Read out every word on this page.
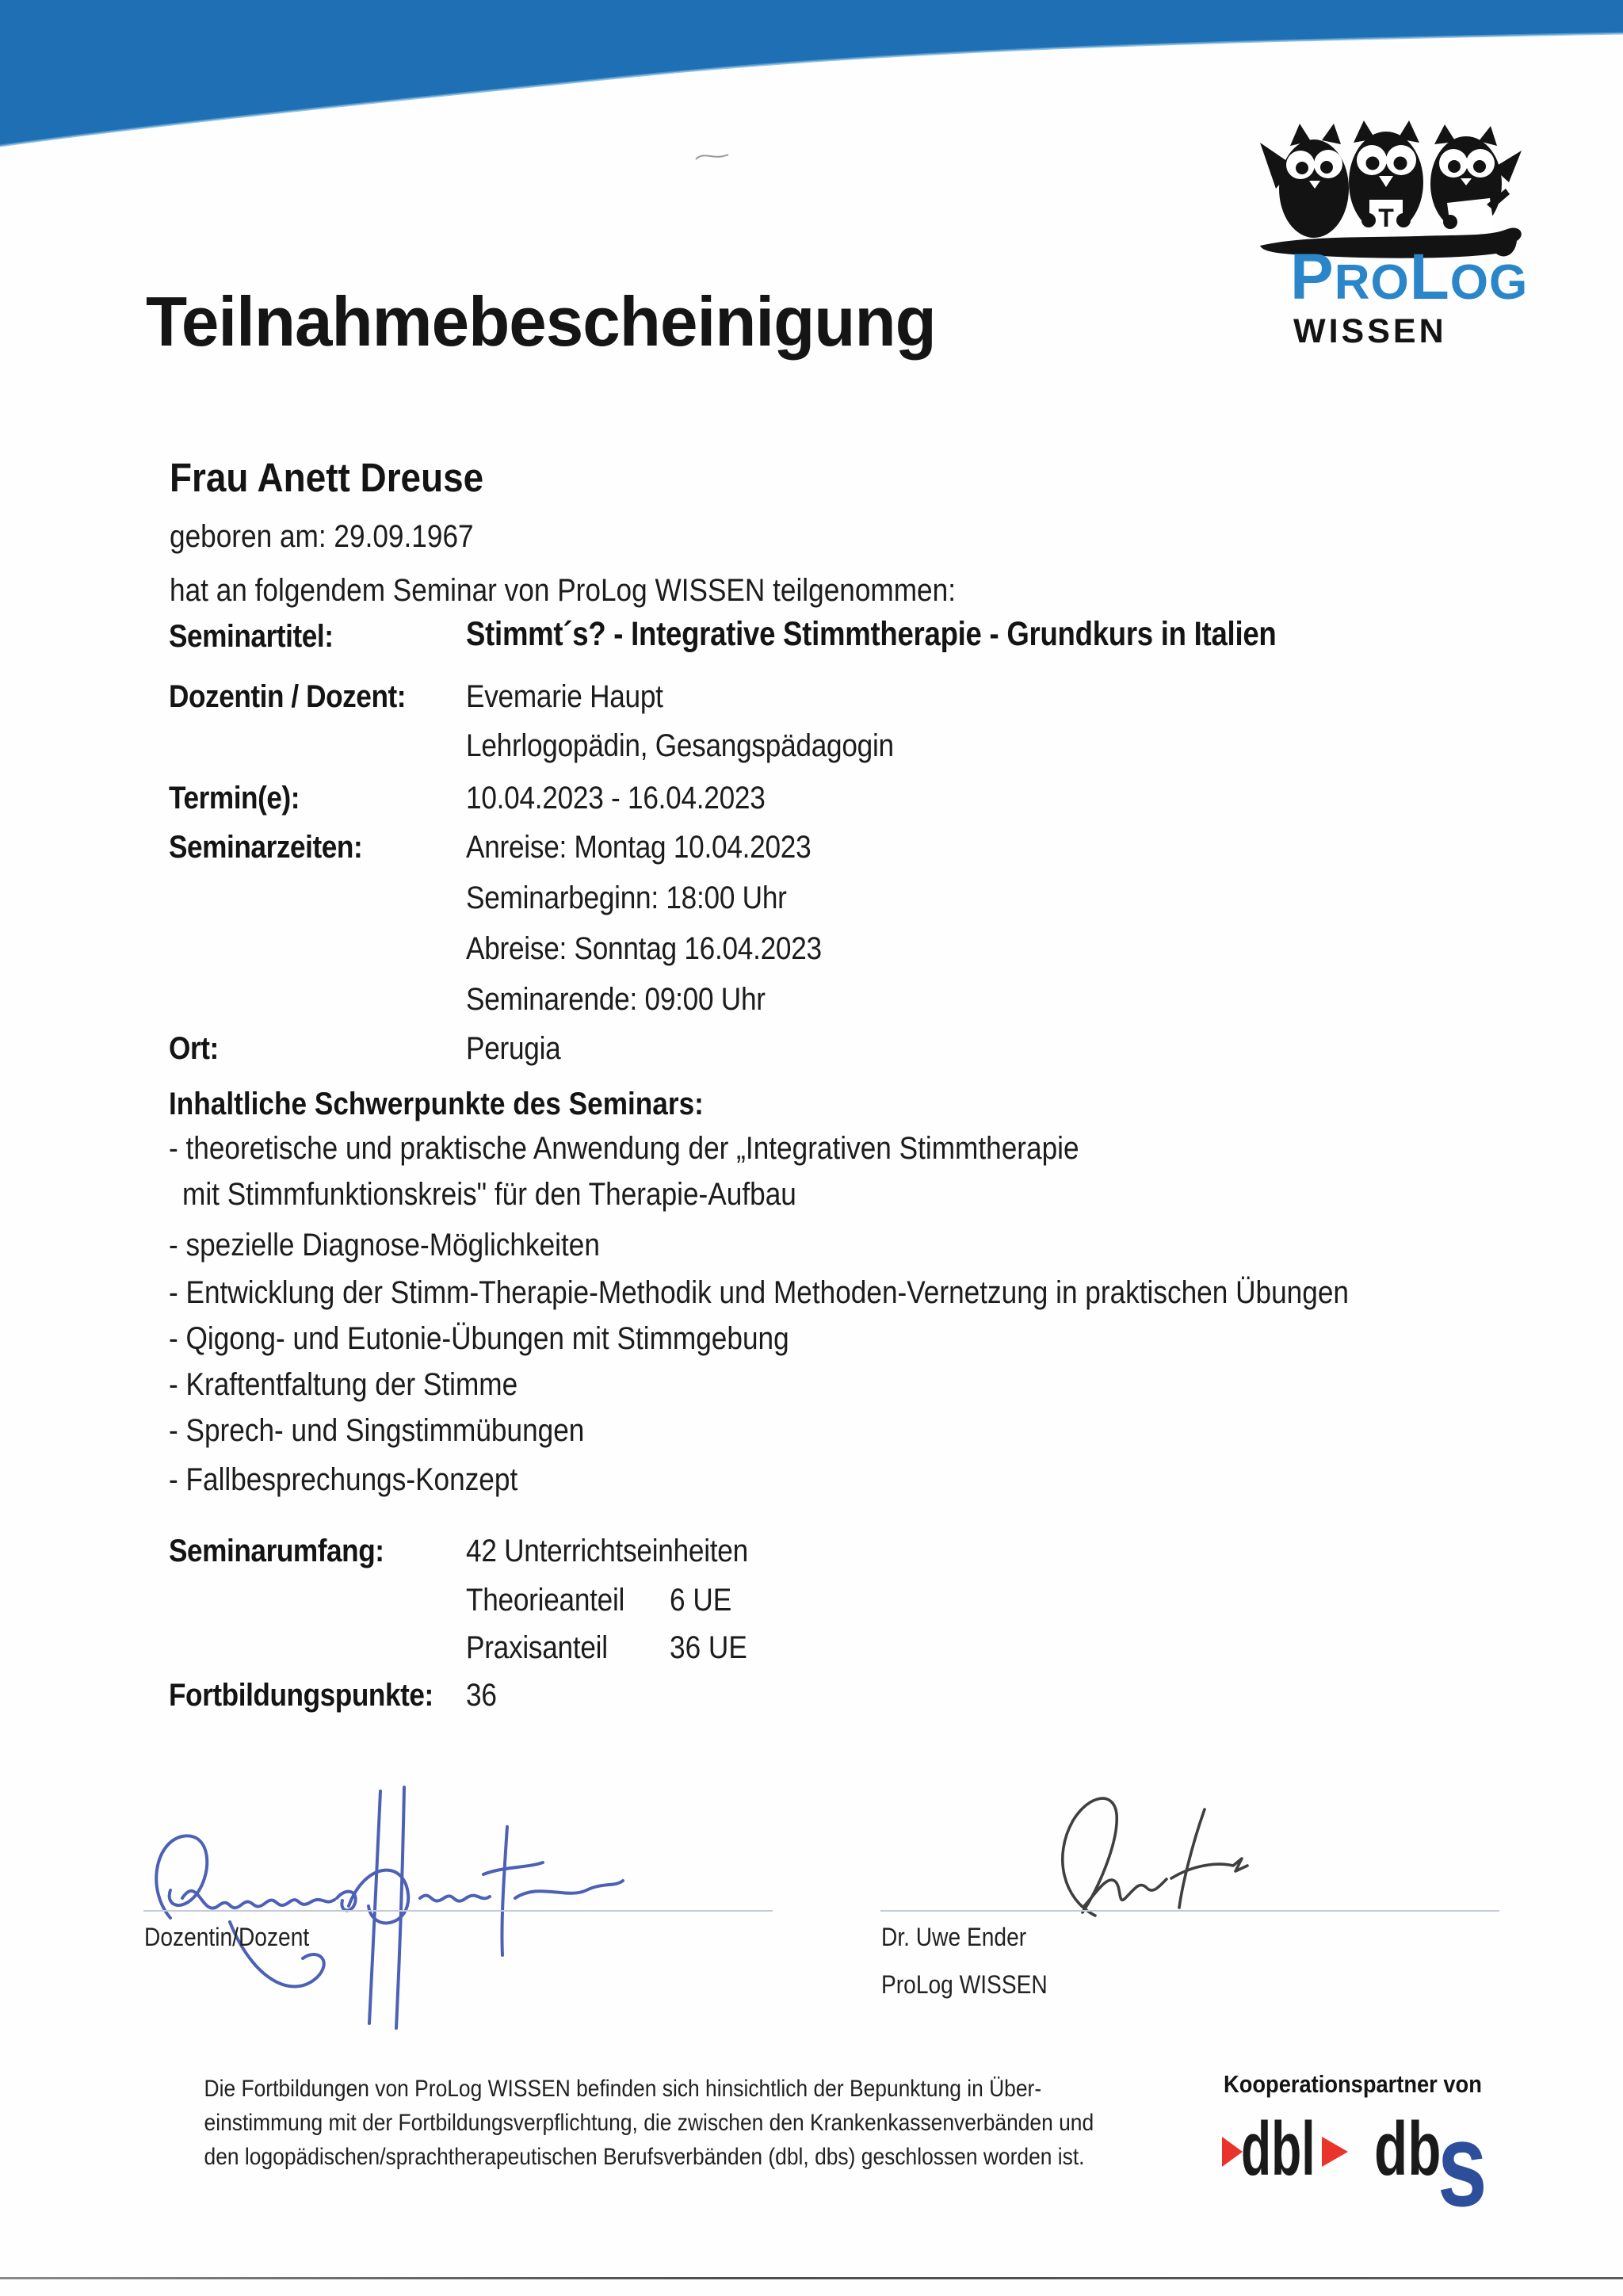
T
PROLOG
WISSEN
Teilnahmebescheinigung
Frau Anett Dreuse
geboren am: 29.09.1967
hat an folgendem Seminar von ProLog WISSEN teilgenommen:
Seminartitel:	Stimmt´s? - Integrative Stimmtherapie - Grundkurs in Italien
Dozentin / Dozent: Evemarie Haupt
Lehrlogopädin, Gesangspädagogin
Termin(e):	10.04.2023 - 16.04.2023
Seminarzeiten:	Anreise: Montag 10.04.2023
Seminarbeginn: 18:00 Uhr
Abreise: Sonntag 16.04.2023
Seminarende: 09:00 Uhr
Ort:	Perugia
Inhaltliche Schwerpunkte des Seminars:
- theoretische und praktische Anwendung der „Integrativen Stimmtherapie
mit Stimmfunktionskreis" für den Therapie-Aufbau
- spezielle Diagnose-Möglichkeiten
- Entwicklung der Stimm-Therapie-Methodik und Methoden-Vernetzung in praktischen Übungen
- Qigong- und Eutonie-Übungen mit Stimmgebung
- Kraftentfaltung der Stimme
- Sprech- und Singstimmübungen
- Fallbesprechungs-Konzept
Seminarumfang:	42 Unterrichtseinheiten
Theorieanteil 6 UE
Praxisanteil 36 UE
Fortbildungspunkte: 36
Dozentin/Dozent	Dr. Uwe Ender
ProLog WISSEN
Die Fortbildungen von ProLog WISSEN befinden sich hinsichtlich der Bepunktung in Über-
einstimmung mit der Fortbildungsverpflichtung, die zwischen den Krankenkassenverbänden und
den logopädischen/sprachtherapeutischen Berufsverbänden (dbl, dbs) geschlossen worden ist.
Kooperationspartner von
dbl db
s
